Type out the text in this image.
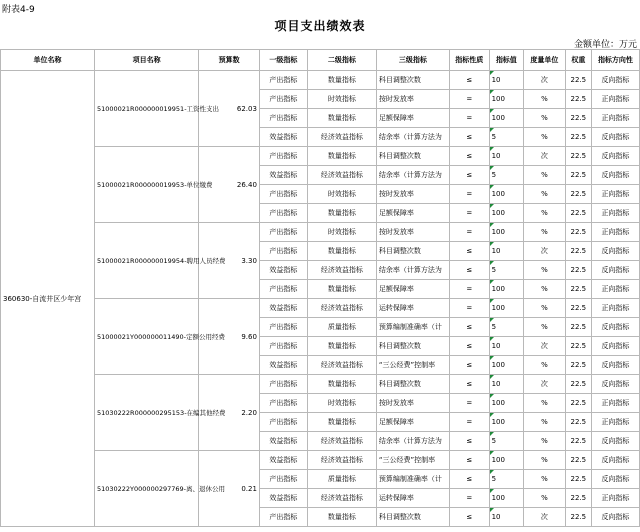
附表4-9
项目支出绩效表
金额单位：万元
单位名称	项目名称	预算数	一级指标	二级指标	三级指标	指标性质	指标值	度量单位	权重	指标方向性
360630-自流井区少年宫	51000021R000000019951-工资性支出	62.03	产出指标	数量指标	科目调整次数	≤	10	次	22.5	反向指标
			产出指标	时效指标	按时发放率	=	100	%	22.5	正向指标
			产出指标	数量指标	足额保障率	=	100	%	22.5	正向指标
			效益指标	经济效益指标	结余率（计算方法为	≤	5	%	22.5	反向指标
	51000021R000000019953-单位缴费	26.40	产出指标	数量指标	科目调整次数	≤	10	次	22.5	反向指标
			效益指标	经济效益指标	结余率（计算方法为	≤	5	%	22.5	反向指标
			产出指标	时效指标	按时发放率	=	100	%	22.5	正向指标
			产出指标	数量指标	足额保障率	=	100	%	22.5	正向指标
	51000021R000000019954-聘用人员经费	3.30	产出指标	时效指标	按时发放率	=	100	%	22.5	正向指标
			产出指标	数量指标	科目调整次数	≤	10	次	22.5	反向指标
			效益指标	经济效益指标	结余率（计算方法为	≤	5	%	22.5	反向指标
			产出指标	数量指标	足额保障率	=	100	%	22.5	正向指标
	51000021Y000000011490-定额公用经费	9.60	效益指标	经济效益指标	运转保障率	=	100	%	22.5	正向指标
			产出指标	质量指标	预算编制准确率（计	≤	5	%	22.5	反向指标
			产出指标	数量指标	科目调整次数	≤	10	次	22.5	反向指标
			效益指标	经济效益指标	“三公经费”控制率	≤	100	%	22.5	反向指标
	51030222R000000295153-在编其他经费	2.20	产出指标	数量指标	科目调整次数	≤	10	次	22.5	反向指标
			产出指标	时效指标	按时发放率	=	100	%	22.5	正向指标
			产出指标	数量指标	足额保障率	=	100	%	22.5	正向指标
			效益指标	经济效益指标	结余率（计算方法为	≤	5	%	22.5	反向指标
	51030222Y000000297769-离、退休公用	0.21	效益指标	经济效益指标	“三公经费”控制率	≤	100	%	22.5	反向指标
			产出指标	质量指标	预算编制准确率（计	≤	5	%	22.5	反向指标
			效益指标	经济效益指标	运转保障率	=	100	%	22.5	正向指标
			产出指标	数量指标	科目调整次数	≤	10	次	22.5	反向指标
